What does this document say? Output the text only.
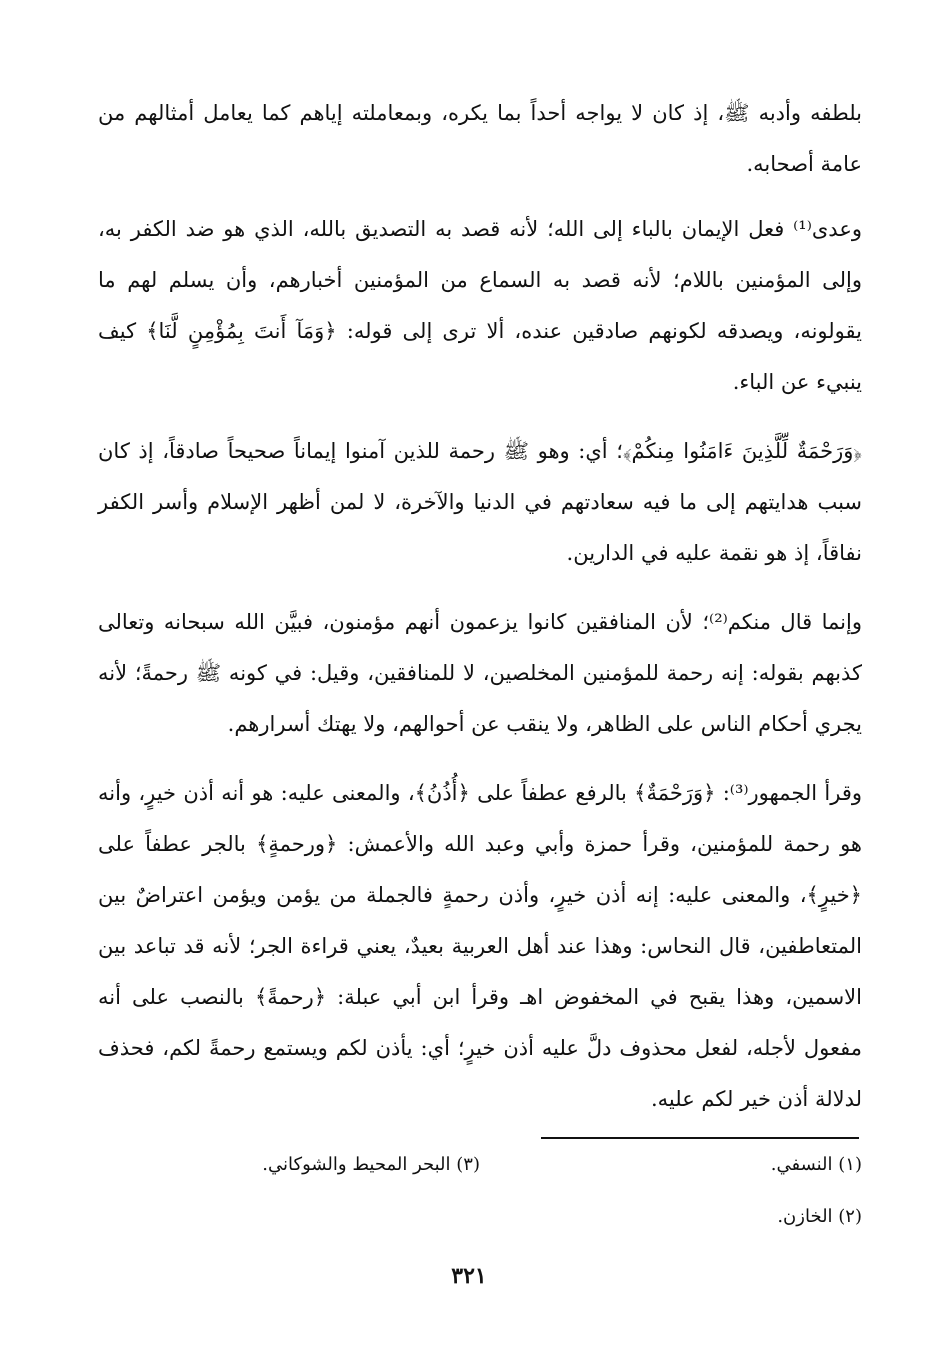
بلطفه وأدبه ﷺ، إذ كان لا يواجه أحداً بما يكره، وبمعاملته إياهم كما يعامل أمثالهم من عامة أصحابه.

وعدى⁽¹⁾ فعل الإيمان بالباء إلى الله؛ لأنه قصد به التصديق بالله، الذي هو ضد الكفر به، وإلى المؤمنين باللام؛ لأنه قصد به السماع من المؤمنين أخبارهم، وأن يسلم لهم ما يقولونه، ويصدقه لكونهم صادقين عنده، ألا ترى إلى قوله: ﴿وَمَآ أَنتَ بِمُؤْمِنٍ لَّنَا﴾ كيف ينبيء عن الباء.

﴿وَرَحْمَةٌ لِّلَّذِينَ ءَامَنُوا مِنكُمْ﴾؛ أي: وهو ﷺ رحمة للذين آمنوا إيماناً صحيحاً صادقاً، إذ كان سبب هدايتهم إلى ما فيه سعادتهم في الدنيا والآخرة، لا لمن أظهر الإسلام وأسر الكفر نفاقاً، إذ هو نقمة عليه في الدارين.

وإنما قال منكم⁽²⁾؛ لأن المنافقين كانوا يزعمون أنهم مؤمنون، فبيَّن الله سبحانه وتعالى كذبهم بقوله: إنه رحمة للمؤمنين المخلصين، لا للمنافقين، وقيل: في كونه ﷺ رحمةً؛ لأنه يجري أحكام الناس على الظاهر، ولا ينقب عن أحوالهم، ولا يهتك أسرارهم.

وقرأ الجمهور⁽³⁾: ﴿وَرَحْمَةٌ﴾ بالرفع عطفاً على ﴿أُذُنُ﴾، والمعنى عليه: هو أنه أذن خيرٍ، وأنه هو رحمة للمؤمنين، وقرأ حمزة وأبي وعبد الله والأعمش: ﴿ورحمةٍ﴾ بالجر عطفاً على ﴿خيرٍ﴾، والمعنى عليه: إنه أذن خيرٍ، وأذن رحمةٍ فالجملة من يؤمن ويؤمن اعتراضٌ بين المتعاطفين، قال النحاس: وهذا عند أهل العربية بعيدٌ، يعني قراءة الجر؛ لأنه قد تباعد بين الاسمين، وهذا يقبح في المخفوض اهـ وقرأ ابن أبي عبلة: ﴿رحمةً﴾ بالنصب على أنه مفعول لأجله، لفعل محذوف دلَّ عليه أذن خيرٍ؛ أي: يأذن لكم ويستمع رحمةً لكم، فحذف لدلالة أذن خير لكم عليه.

(١) النسفي.
(٣) البحر المحيط والشوكاني.
(٢) الخازن.
٣٢١
